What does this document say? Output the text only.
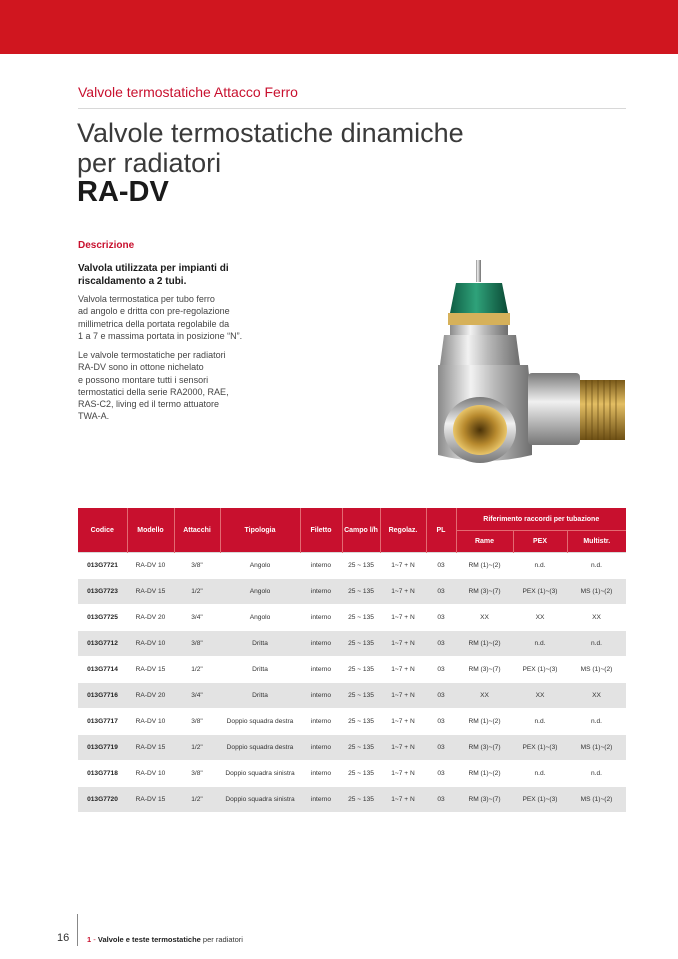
Valvole termostatiche Attacco Ferro
Valvole termostatiche dinamiche
per radiatori
RA-DV
Descrizione
Valvola utilizzata per impianti di riscaldamento a 2 tubi.
Valvola termostatica per tubo ferro
ad angolo e dritta con pre-regolazione
millimetrica della portata regolabile da
1 a 7 e massima portata in posizione “N”.
Le valvole termostatiche per radiatori
RA-DV sono in ottone nichelato
e possono montare tutti i sensori
termostatici della serie RA2000, RAE,
RAS-C2, living ed il termo attuatore
TWA-A.
Codice	Modello	Attacchi	Tipologia	Filetto	Campo l/h	Regolaz.	PL	Riferimento raccordi per tubazione		
								Rame	PEX	Multistr.
013G7721	RA-DV 10	3/8"	Angolo	interno	25 ~ 135	1~7 + N	03	RM (1)~(2)	n.d.	n.d.
013G7723	RA-DV 15	1/2"	Angolo	interno	25 ~ 135	1~7 + N	03	RM (3)~(7)	PEX (1)~(3)	MS (1)~(2)
013G7725	RA-DV 20	3/4"	Angolo	interno	25 ~ 135	1~7 + N	03	XX	XX	XX
013G7712	RA-DV 10	3/8"	Dritta	interno	25 ~ 135	1~7 + N	03	RM (1)~(2)	n.d.	n.d.
013G7714	RA-DV 15	1/2"	Dritta	interno	25 ~ 135	1~7 + N	03	RM (3)~(7)	PEX (1)~(3)	MS (1)~(2)
013G7716	RA-DV 20	3/4"	Dritta	interno	25 ~ 135	1~7 + N	03	XX	XX	XX
013G7717	RA-DV 10	3/8"	Doppio squadra destra	interno	25 ~ 135	1~7 + N	03	RM (1)~(2)	n.d.	n.d.
013G7719	RA-DV 15	1/2"	Doppio squadra destra	interno	25 ~ 135	1~7 + N	03	RM (3)~(7)	PEX (1)~(3)	MS (1)~(2)
013G7718	RA-DV 10	3/8"	Doppio squadra sinistra	interno	25 ~ 135	1~7 + N	03	RM (1)~(2)	n.d.	n.d.
013G7720	RA-DV 15	1/2"	Doppio squadra sinistra	interno	25 ~ 135	1~7 + N	03	RM (3)~(7)	PEX (1)~(3)	MS (1)~(2)
16 1 - Valvole e teste termostatiche per radiatori
